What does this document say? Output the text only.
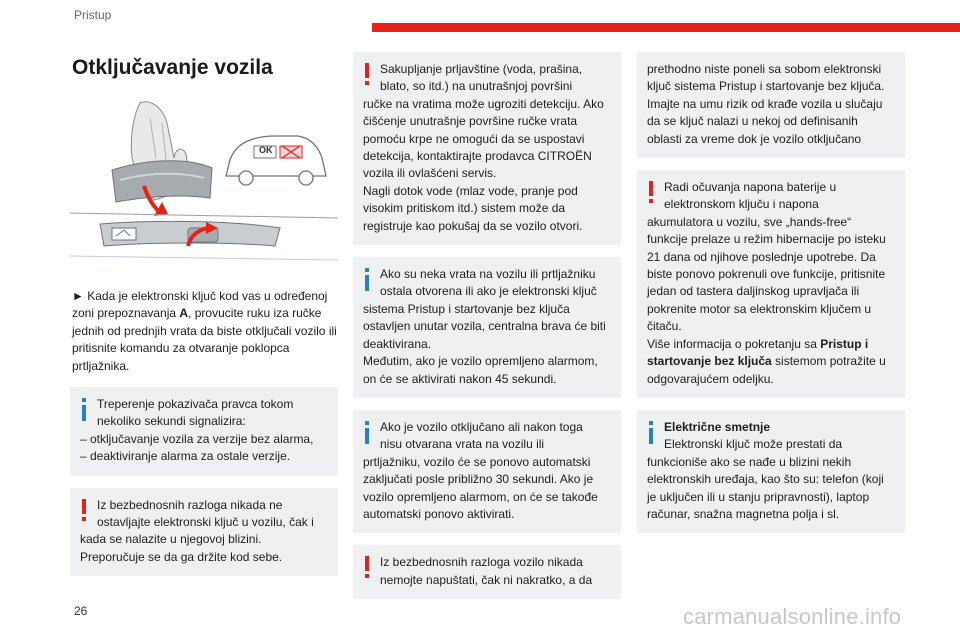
Pristup
Otključavanje vozila
OK

► Kada je elektronski ključ kod vas u određenoj zoni prepoznavanja A, provucite ruku iza ručke jednih od prednjih vrata da biste otključali vozilo ili pritisnite komandu za otvaranje poklopca prtljažnika.

Treperenje pokazivača pravca tokom
nekoliko sekundi signalizira:
– otključavanje vozila za verzije bez alarma,
– deaktiviranje alarma za ostale verzije.
Iz bezbednosnih razloga nikada ne
ostavljajte elektronski ključ u vozilu, čak i
kada se nalazite u njegovoj blizini. Preporučuje se da ga držite kod sebe.
Sakupljanje prljavštine (voda, prašina,
blato, so itd.) na unutrašnjoj površini
ručke na vratima može ugroziti detekciju. Ako čišćenje unutrašnje površine ručke vrata pomoću krpe ne omogući da se uspostavi detekcija, kontaktirajte prodavca CITROËN vozila ili ovlašćeni servis.
Nagli dotok vode (mlaz vode, pranje pod visokim pritiskom itd.) sistem može da registruje kao pokušaj da se vozilo otvori.
Ako su neka vrata na vozilu ili prtljažniku
ostala otvorena ili ako je elektronski ključ
sistema Pristup i startovanje bez ključa ostavljen unutar vozila, centralna brava će biti deaktivirana.
Međutim, ako je vozilo opremljeno alarmom, on će se aktivirati nakon 45 sekundi.
Ako je vozilo otključano ali nakon toga
nisu otvarana vrata na vozilu ili
prtljažniku, vozilo će se ponovo automatski zaključati posle približno 30 sekundi. Ako je vozilo opremljeno alarmom, on će se takođe automatski ponovo aktivirati.
Iz bezbednosnih razloga vozilo nikada
nemojte napuštati, čak ni nakratko, a da
prethodno niste poneli sa sobom elektronski ključ sistema Pristup i startovanje bez ključa. Imajte na umu rizik od krađe vozila u slučaju da se ključ nalazi u nekoj od definisanih oblasti za vreme dok je vozilo otključano
Radi očuvanja napona baterije u
elektronskom ključu i napona
akumulatora u vozilu, sve „hands-free“ funkcije prelaze u režim hibernacije po isteku 21 dana od njihove poslednje upotrebe. Da biste ponovo pokrenuli ove funkcije, pritisnite jedan od tastera daljinskog upravljača ili pokrenite motor sa elektronskim ključem u čitaču.
Više informacija o pokretanju sa Pristup i startovanje bez ključa sistemom potražite u odgovarajućem odeljku.
Električne smetnje
Elektronski ključ može prestati da
funkcioniše ako se nađe u blizini nekih elektronskih uređaja, kao što su: telefon (koji je uključen ili u stanju pripravnosti), laptop računar, snažna magnetna polja i sl.
26	carmanualsonline.info
